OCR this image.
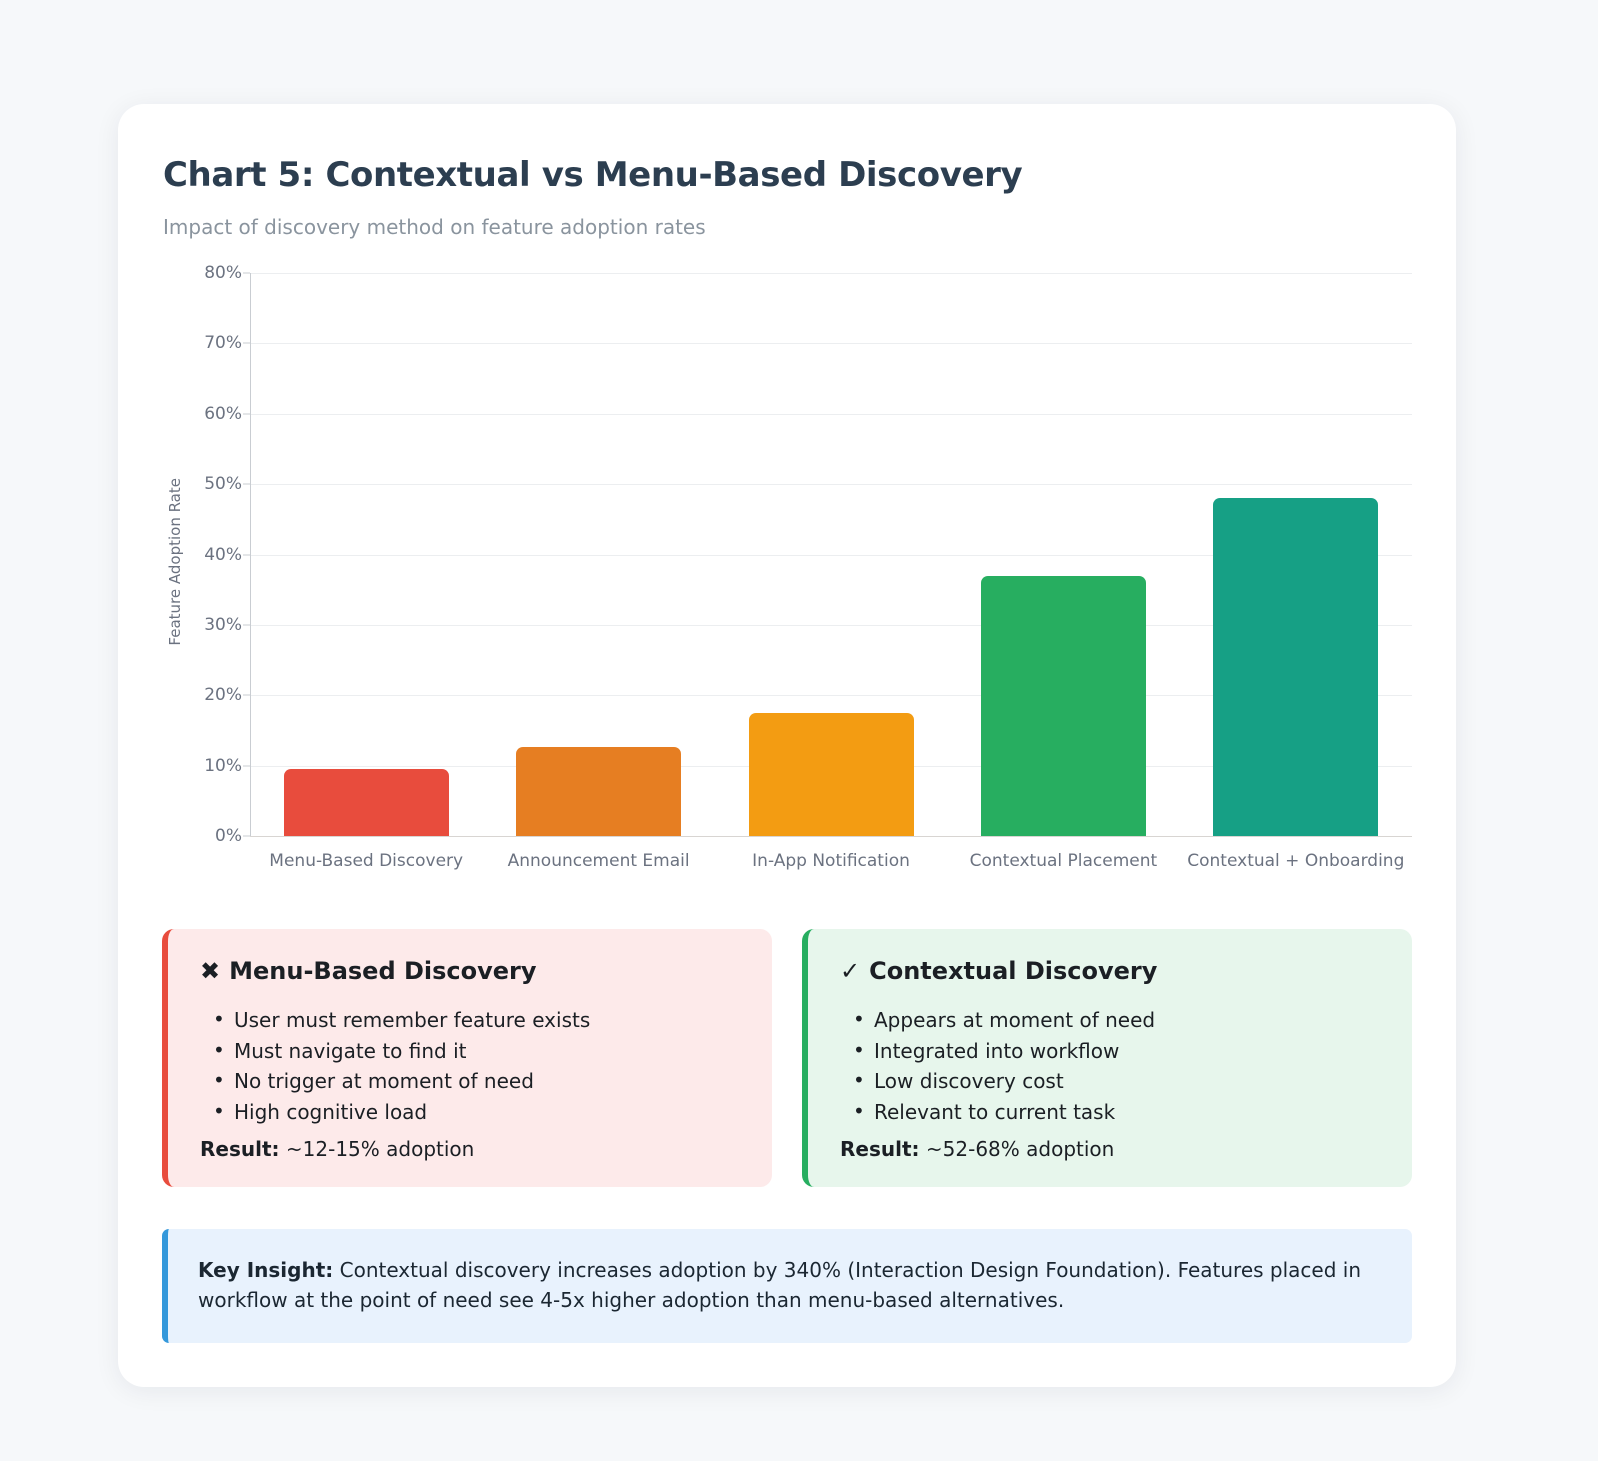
Chart 5: Contextual vs Menu-Based Discovery
Impact of discovery method on feature adoption rates
Feature Adoption Rate
0%
10%
20%
30%
40%
50%
60%
70%
80%
Menu-Based Discovery	Announcement Email	In-App Notification	Contextual Placement	Contextual + Onboarding
✖ Menu-Based Discovery
• User must remember feature exists
• Must navigate to find it
• No trigger at moment of need
• High cognitive load
Result: ~12-15% adoption
✓ Contextual Discovery
• Appears at moment of need
• Integrated into workflow
• Low discovery cost
• Relevant to current task
Result: ~52-68% adoption

Key Insight: Contextual discovery increases adoption by 340% (Interaction Design Foundation). Features placed in workflow at the point of need see 4-5x higher adoption than menu-based alternatives.
